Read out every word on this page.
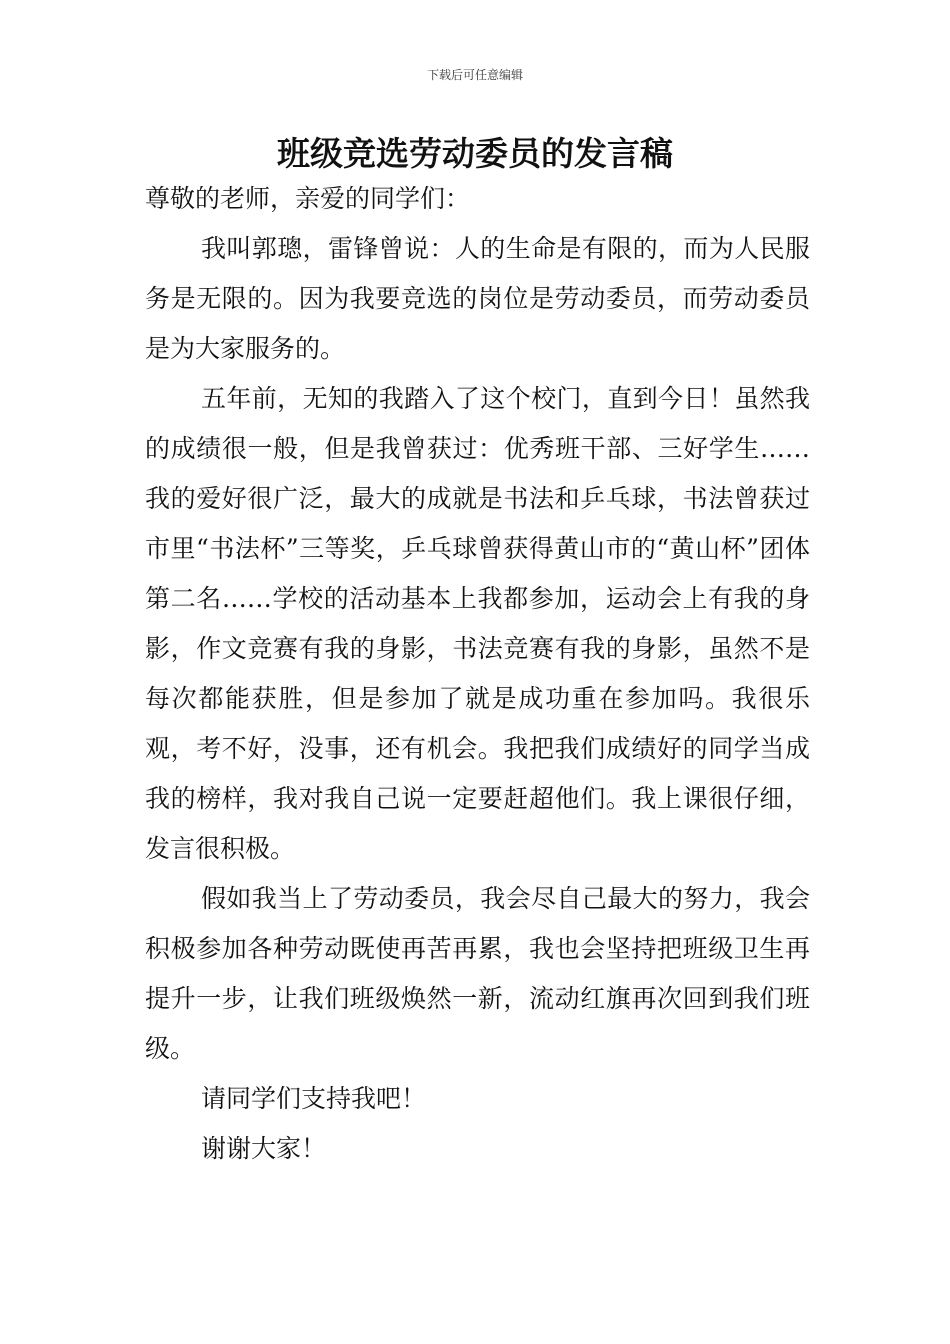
下载后可任意编辑
班级竞选劳动委员的发言稿

尊敬的老师，亲爱的同学们：

我叫郭璁，雷锋曾说：人的生命是有限的，而为人民服务是无限的。因为我要竞选的岗位是劳动委员，而劳动委员是为大家服务的。

五年前，无知的我踏入了这个校门，直到今日！虽然我的成绩很一般，但是我曾获过：优秀班干部、三好学生……我的爱好很广泛，最大的成就是书法和乒乓球，书法曾获过市里“书法杯”三等奖，乒乓球曾获得黄山市的“黄山杯”团体第二名……学校的活动基本上我都参加，运动会上有我的身影，作文竞赛有我的身影，书法竞赛有我的身影，虽然不是每次都能获胜，但是参加了就是成功重在参加吗。我很乐观，考不好，没事，还有机会。我把我们成绩好的同学当成我的榜样，我对我自己说一定要赶超他们。我上课很仔细，发言很积极。

假如我当上了劳动委员，我会尽自己最大的努力，我会积极参加各种劳动既使再苦再累，我也会坚持把班级卫生再提升一步，让我们班级焕然一新，流动红旗再次回到我们班级。

请同学们支持我吧！

谢谢大家！
